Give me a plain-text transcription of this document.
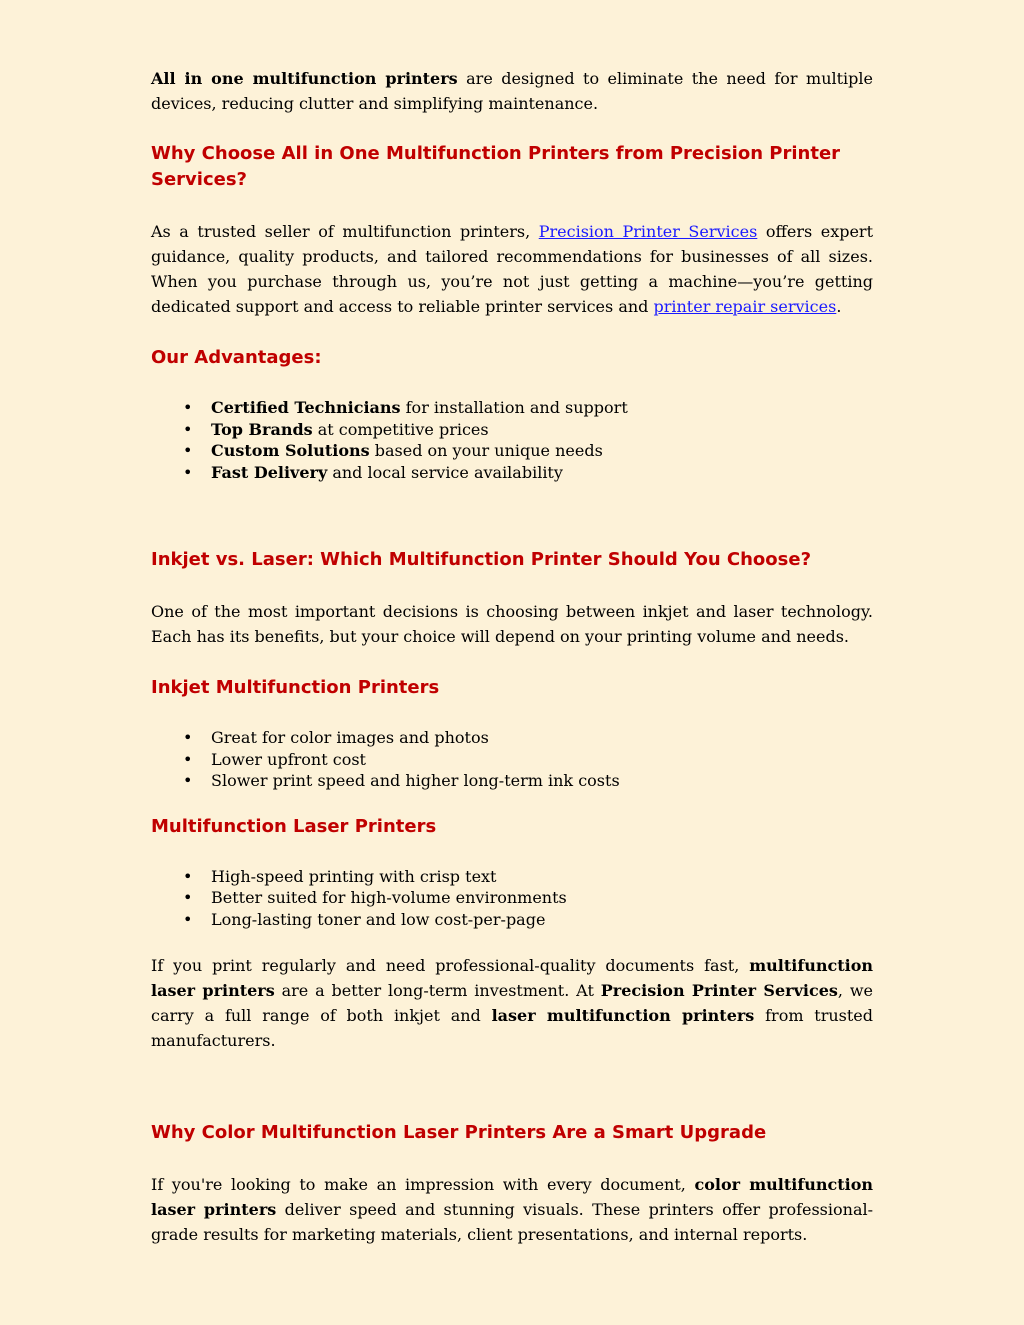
All in one multifunction printers are designed to eliminate the need for multiple devices, reducing clutter and simplifying maintenance.

Why Choose All in One Multifunction Printers from Precision Printer Services?

As a trusted seller of multifunction printers, Precision Printer Services offers expert guidance, quality products, and tailored recommendations for businesses of all sizes. When you purchase through us, you’re not just getting a machine—you’re getting dedicated support and access to reliable printer services and printer repair services.

Our Advantages:
• Certified Technicians for installation and support
• Top Brands at competitive prices
• Custom Solutions based on your unique needs
• Fast Delivery and local service availability
Inkjet vs. Laser: Which Multifunction Printer Should You Choose?

One of the most important decisions is choosing between inkjet and laser technology. Each has its benefits, but your choice will depend on your printing volume and needs.

Inkjet Multifunction Printers
• Great for color images and photos
• Lower upfront cost
• Slower print speed and higher long-term ink costs
Multifunction Laser Printers
• High-speed printing with crisp text
• Better suited for high-volume environments
• Long-lasting toner and low cost-per-page

If you print regularly and need professional-quality documents fast, multifunction laser printers are a better long-term investment. At Precision Printer Services, we carry a full range of both inkjet and laser multifunction printers from trusted manufacturers.

Why Color Multifunction Laser Printers Are a Smart Upgrade

If you're looking to make an impression with every document, color multifunction laser printers deliver speed and stunning visuals. These printers offer professional-grade results for marketing materials, client presentations, and internal reports.
